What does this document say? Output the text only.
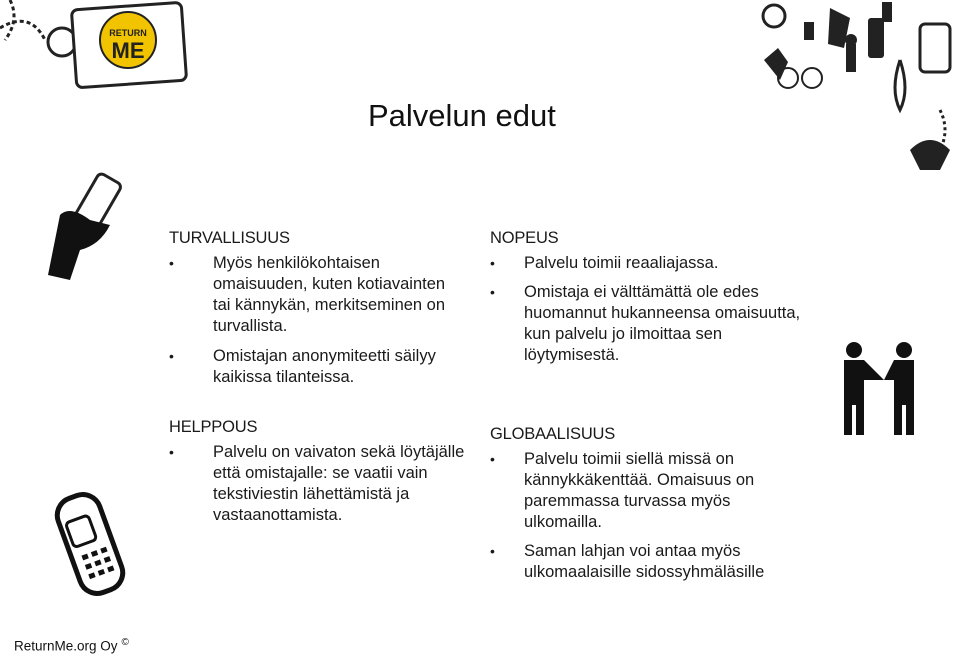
RETURN
ME
Palvelun edut
TURVALLISUUS
• Myös henkilökohtaisen omaisuuden, kuten kotiavainten tai kännykän, merkitseminen on turvallista.
• Omistajan anonymiteetti säilyy kaikissa tilanteissa.
NOPEUS
• Palvelu toimii reaaliajassa.
• Omistaja ei välttämättä ole edes huomannut hukanneensa omaisuutta, kun palvelu jo ilmoittaa sen löytymisestä.
HELPPOUS
• Palvelu on vaivaton sekä löytäjälle että omistajalle: se vaatii vain tekstiviestin lähettämistä ja vastaanottamista.
GLOBAALISUUS
• Palvelu toimii siellä missä on kännykkäkenttää. Omaisuus on paremmassa turvassa myös ulkomailla.
• Saman lahjan voi antaa myös ulkomaalaisille sidossyhmäläsille
ReturnMe.org Oy ©
